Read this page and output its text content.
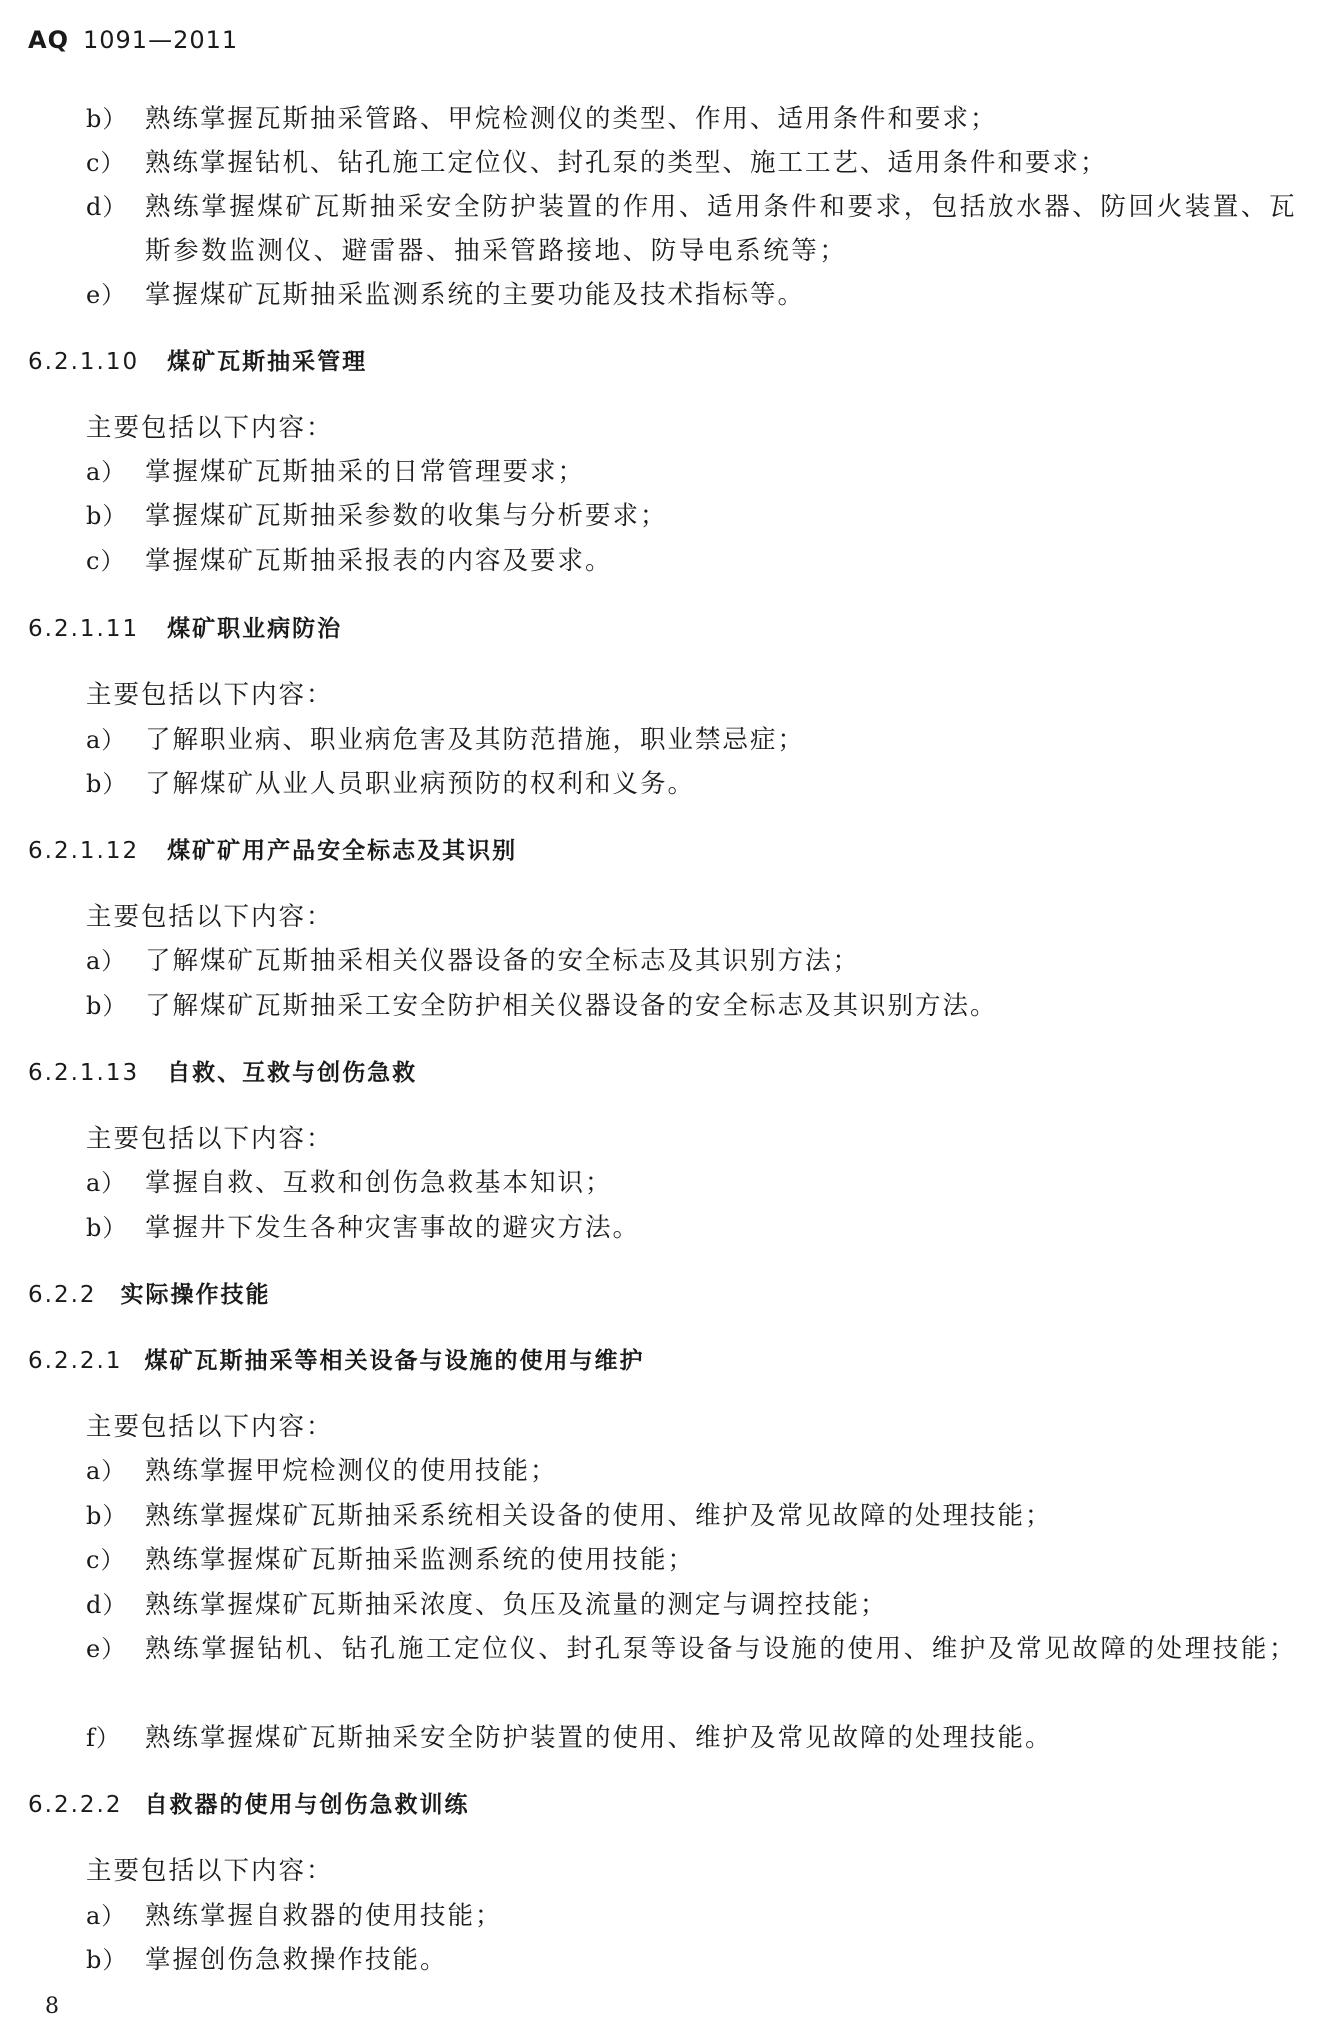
AQ 1091—2011
b） 熟练掌握瓦斯抽采管路、甲烷检测仪的类型、作用、适用条件和要求；
c） 熟练掌握钻机、钻孔施工定位仪、封孔泵的类型、施工工艺、适用条件和要求；
d） 熟练掌握煤矿瓦斯抽采安全防护装置的作用、适用条件和要求，包括放水器、防回火装置、瓦斯参数监测仪、避雷器、抽采管路接地、防导电系统等；
e） 掌握煤矿瓦斯抽采监测系统的主要功能及技术指标等。
6.2.1.10 煤矿瓦斯抽采管理
主要包括以下内容：
a） 掌握煤矿瓦斯抽采的日常管理要求；
b） 掌握煤矿瓦斯抽采参数的收集与分析要求；
c） 掌握煤矿瓦斯抽采报表的内容及要求。
6.2.1.11 煤矿职业病防治
主要包括以下内容：
a） 了解职业病、职业病危害及其防范措施，职业禁忌症；
b） 了解煤矿从业人员职业病预防的权利和义务。
6.2.1.12 煤矿矿用产品安全标志及其识别
主要包括以下内容：
a） 了解煤矿瓦斯抽采相关仪器设备的安全标志及其识别方法；
b） 了解煤矿瓦斯抽采工安全防护相关仪器设备的安全标志及其识别方法。
6.2.1.13 自救、互救与创伤急救
主要包括以下内容：
a） 掌握自救、互救和创伤急救基本知识；
b） 掌握井下发生各种灾害事故的避灾方法。
6.2.2 实际操作技能
6.2.2.1 煤矿瓦斯抽采等相关设备与设施的使用与维护
主要包括以下内容：
a） 熟练掌握甲烷检测仪的使用技能；
b） 熟练掌握煤矿瓦斯抽采系统相关设备的使用、维护及常见故障的处理技能；
c） 熟练掌握煤矿瓦斯抽采监测系统的使用技能；
d） 熟练掌握煤矿瓦斯抽采浓度、负压及流量的测定与调控技能；
e） 熟练掌握钻机、钻孔施工定位仪、封孔泵等设备与设施的使用、维护及常见故障的处理技能；
f） 熟练掌握煤矿瓦斯抽采安全防护装置的使用、维护及常见故障的处理技能。
6.2.2.2 自救器的使用与创伤急救训练
主要包括以下内容：
a） 熟练掌握自救器的使用技能；
b） 掌握创伤急救操作技能。
8
